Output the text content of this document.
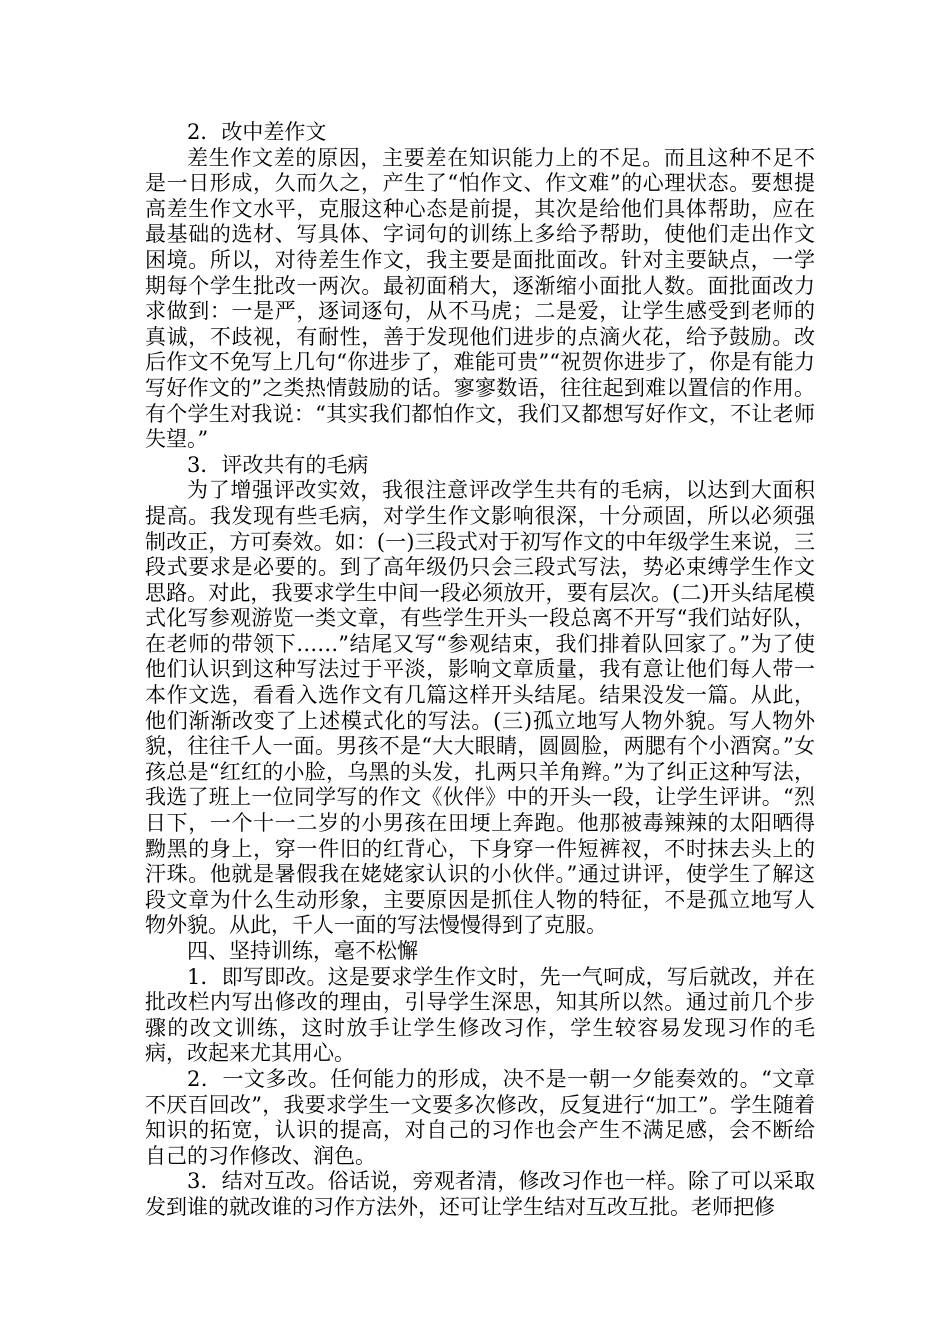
2．改中差作文

差生作文差的原因，主要差在知识能力上的不足。而且这种不足不是一日形成，久而久之，产生了“怕作文、作文难”的心理状态。要想提高差生作文水平，克服这种心态是前提，其次是给他们具体帮助，应在最基础的选材、写具体、字词句的训练上多给予帮助，使他们走出作文困境。所以，对待差生作文，我主要是面批面改。针对主要缺点，一学期每个学生批改一两次。最初面稍大，逐渐缩小面批人数。面批面改力求做到：一是严，逐词逐句，从不马虎；二是爱，让学生感受到老师的真诚，不歧视，有耐性，善于发现他们进步的点滴火花，给予鼓励。改后作文不免写上几句“你进步了，难能可贵”“祝贺你进步了，你是有能力写好作文的”之类热情鼓励的话。寥寥数语，往往起到难以置信的作用。有个学生对我说：“其实我们都怕作文，我们又都想写好作文，不让老师失望。”

3．评改共有的毛病

为了增强评改实效，我很注意评改学生共有的毛病，以达到大面积提高。我发现有些毛病，对学生作文影响很深，十分顽固，所以必须强制改正，方可奏效。如：(一)三段式对于初写作文的中年级学生来说，三段式要求是必要的。到了高年级仍只会三段式写法，势必束缚学生作文思路。对此，我要求学生中间一段必须放开，要有层次。(二)开头结尾模式化写参观游览一类文章，有些学生开头一段总离不开写“我们站好队，在老师的带领下……”结尾又写“参观结束，我们排着队回家了。”为了使他们认识到这种写法过于平淡，影响文章质量，我有意让他们每人带一本作文选，看看入选作文有几篇这样开头结尾。结果没发一篇。从此，他们渐渐改变了上述模式化的写法。(三)孤立地写人物外貌。写人物外貌，往往千人一面。男孩不是“大大眼睛，圆圆脸，两腮有个小酒窝。”女孩总是“红红的小脸，乌黑的头发，扎两只羊角辫。”为了纠正这种写法，我选了班上一位同学写的作文《伙伴》中的开头一段，让学生评讲。“烈日下，一个十一二岁的小男孩在田埂上奔跑。他那被毒辣辣的太阳晒得黝黑的身上，穿一件旧的红背心，下身穿一件短裤衩，不时抹去头上的汗珠。他就是暑假我在姥姥家认识的小伙伴。”通过讲评，使学生了解这段文章为什么生动形象，主要原因是抓住人物的特征，不是孤立地写人物外貌。从此，千人一面的写法慢慢得到了克服。

四、坚持训练，毫不松懈

1．即写即改。这是要求学生作文时，先一气呵成，写后就改，并在批改栏内写出修改的理由，引导学生深思，知其所以然。通过前几个步骤的改文训练，这时放手让学生修改习作，学生较容易发现习作的毛病，改起来尤其用心。

2．一文多改。任何能力的形成，决不是一朝一夕能奏效的。“文章不厌百回改”，我要求学生一文要多次修改，反复进行“加工”。学生随着知识的拓宽，认识的提高，对自己的习作也会产生不满足感，会不断给自己的习作修改、润色。

3．结对互改。俗话说，旁观者清，修改习作也一样。除了可以采取发到谁的就改谁的习作方法外，还可让学生结对互改互批。老师把修
